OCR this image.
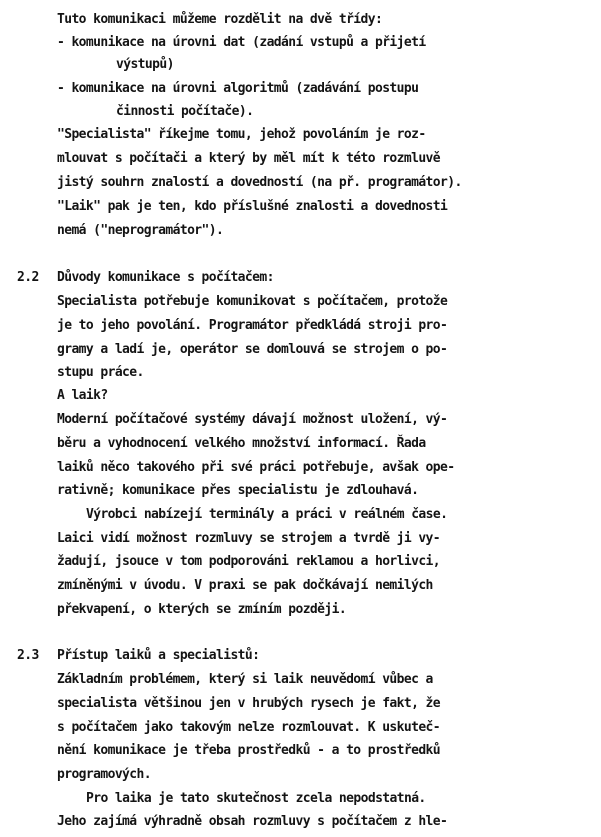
Tuto komunikaci můžeme rozdělit na dvě třídy:

- komunikace na úrovni dat (zadání vstupů a přijetí

výstupů)

- komunikace na úrovni algoritmů (zadávání postupu

činnosti počítače).

"Specialista" říkejme tomu, jehož povoláním je roz-

mlouvat s počítači a který by měl mít k této rozmluvě

jistý souhrn znalostí a dovedností (na př. programátor).

"Laik" pak je ten, kdo příslušné znalosti a dovednosti

nemá ("neprogramátor").

2.2 Důvody komunikace s počítačem:

Specialista potřebuje komunikovat s počítačem, protože

je to jeho povolání. Programátor předkládá stroji pro-

gramy a ladí je, operátor se domlouvá se strojem o po-

stupu práce.

A laik?

Moderní počítačové systémy dávají možnost uložení, vý-

běru a vyhodnocení velkého množství informací. Řada

laiků něco takového při své práci potřebuje, avšak ope-

rativně; komunikace přes specialistu je zdlouhavá.

Výrobci nabízejí terminály a práci v reálném čase.

Laici vidí možnost rozmluvy se strojem a tvrdě ji vy-

žadují, jsouce v tom podporováni reklamou a horlivci,

zmíněnými v úvodu. V praxi se pak dočkávají nemilých

překvapení, o kterých se zmíním později.

2.3 Přístup laiků a specialistů:

Základním problémem, který si laik neuvědomí vůbec a

specialista většinou jen v hrubých rysech je fakt, že

s počítačem jako takovým nelze rozmlouvat. K uskuteč-

nění komunikace je třeba prostředků - a to prostředků

programových.

Pro laika je tato skutečnost zcela nepodstatná.

Jeho zajímá výhradně obsah rozmluvy s počítačem z hle-
